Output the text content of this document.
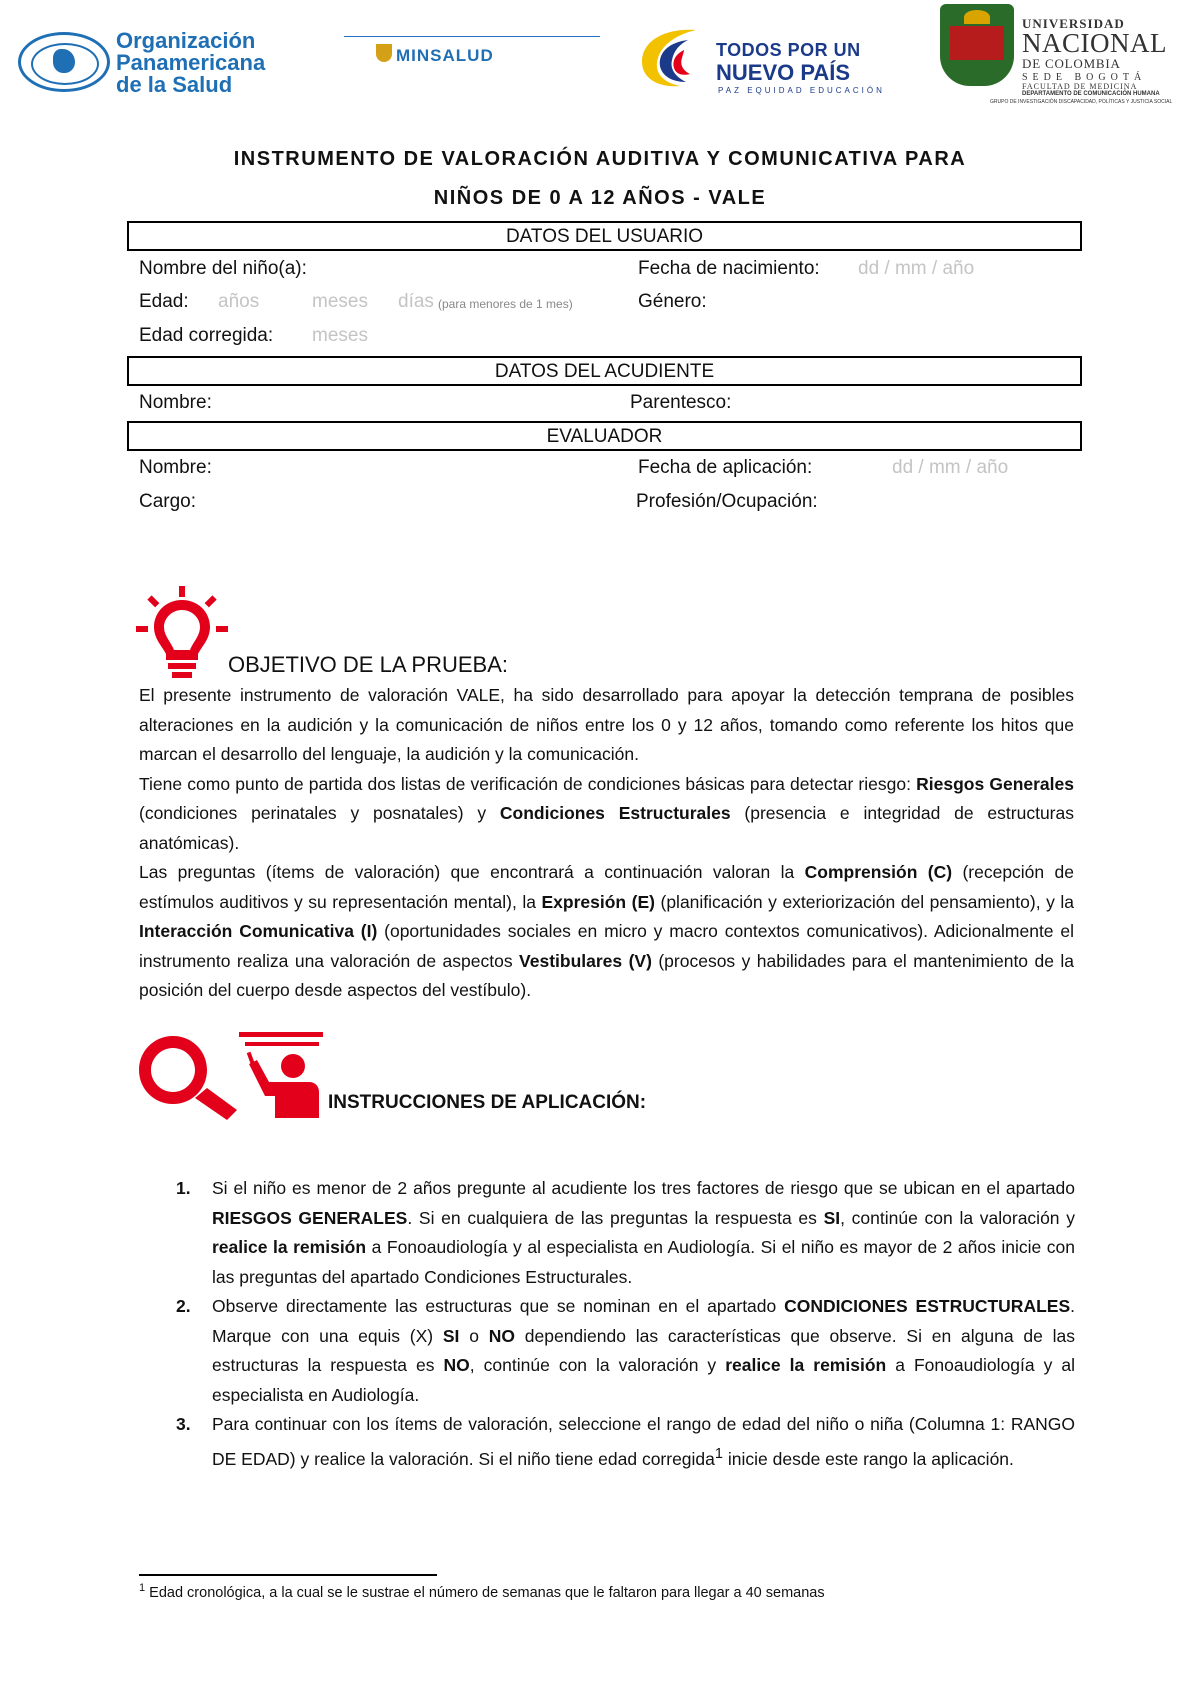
Organización
Panamericana
de la Salud
MINSALUD	TODOS POR UN
NUEVO PAÍS
PAZ EQUIDAD EDUCACIÓN
UNIVERSIDAD
NACIONAL
DE COLOMBIA
SEDE BOGOTÁ
FACULTAD DE MEDICINA
DEPARTAMENTO DE COMUNICACIÓN HUMANA
GRUPO DE INVESTIGACIÓN DISCAPACIDAD, POLÍTICAS Y JUSTICIA SOCIAL
INSTRUMENTO DE VALORACIÓN AUDITIVA Y COMUNICATIVA PARA
NIÑOS DE 0 A 12 AÑOS - VALE
DATOS DEL USUARIO
Nombre del niño(a):	Fecha de nacimiento: dd / mm / año
Edad: años	meses días (para menores de 1 mes)	Género:
Edad corregida: meses
DATOS DEL ACUDIENTE
Nombre:	Parentesco:
EVALUADOR
Nombre:	Fecha de aplicación:	dd / mm / año
Cargo:	Profesión/Ocupación:
OBJETIVO DE LA PRUEBA:

El presente instrumento de valoración VALE, ha sido desarrollado para apoyar la detección temprana de posibles alteraciones en la audición y la comunicación de niños entre los 0 y 12 años, tomando como referente los hitos que marcan el desarrollo del lenguaje, la audición y la comunicación.

Tiene como punto de partida dos listas de verificación de condiciones básicas para detectar riesgo: Riesgos Generales (condiciones perinatales y posnatales) y Condiciones Estructurales (presencia e integridad de estructuras anatómicas).

Las preguntas (ítems de valoración) que encontrará a continuación valoran la Comprensión (C) (recepción de estímulos auditivos y su representación mental), la Expresión (E) (planificación y exteriorización del pensamiento), y la Interacción Comunicativa (I) (oportunidades sociales en micro y macro contextos comunicativos). Adicionalmente el instrumento realiza una valoración de aspectos Vestibulares (V) (procesos y habilidades para el mantenimiento de la posición del cuerpo desde aspectos del vestíbulo).

INSTRUCCIONES DE APLICACIÓN:

1. Si el niño es menor de 2 años pregunte al acudiente los tres factores de riesgo que se ubican en el apartado RIESGOS GENERALES. Si en cualquiera de las preguntas la respuesta es SI, continúe con la valoración y realice la remisión a Fonoaudiología y al especialista en Audiología. Si el niño es mayor de 2 años inicie con las preguntas del apartado Condiciones Estructurales.

2. Observe directamente las estructuras que se nominan en el apartado CONDICIONES ESTRUCTURALES. Marque con una equis (X) SI o NO dependiendo las características que observe. Si en alguna de las estructuras la respuesta es NO, continúe con la valoración y realice la remisión a Fonoaudiología y al especialista en Audiología.

3. Para continuar con los ítems de valoración, seleccione el rango de edad del niño o niña (Columna 1: RANGO DE EDAD) y realice la valoración. Si el niño tiene edad corregida$^1$ inicie desde este rango la aplicación.

$^1$ Edad cronológica, a la cual se le sustrae el número de semanas que le faltaron para llegar a 40 semanas
